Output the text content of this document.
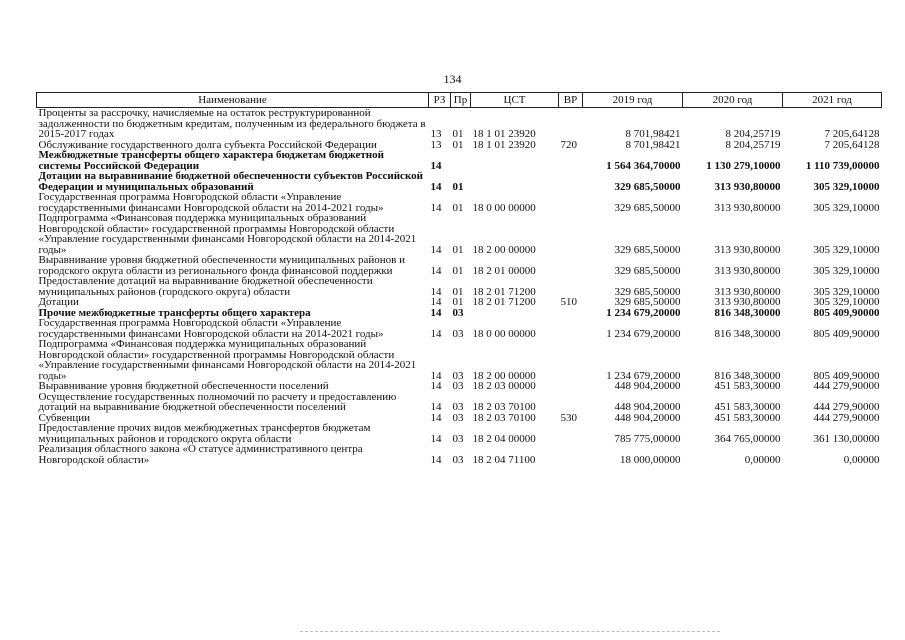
134
Наименование	РЗ	Пр	ЦСТ	ВР	2019 год	2020 год	2021 год
Проценты за рассрочку, начисляемые на остаток реструктурированной задолженности по бюджетным кредитам, полученным из федерального бюджета в 2015-2017 годах	13	01	18 1 01 23920		8 701,98421	8 204,25719	7 205,64128
Обслуживание государственного долга субъекта Российской Федерации	13	01	18 1 01 23920	720	8 701,98421	8 204,25719	7 205,64128
Межбюджетные трансферты общего характера бюджетам бюджетной системы Российской Федерации	14				1 564 364,70000	1 130 279,10000	1 110 739,00000
Дотации на выравнивание бюджетной обеспеченности субъектов Российской Федерации и муниципальных образований	14	01			329 685,50000	313 930,80000	305 329,10000
Государственная программа Новгородской области «Управление государственными финансами Новгородской области на 2014-2021 годы»	14	01	18 0 00 00000		329 685,50000	313 930,80000	305 329,10000
Подпрограмма «Финансовая поддержка муниципальных образований Новгородской области» государственной программы Новгородской области «Управление государственными финансами Новгородской области на 2014-2021 годы»	14	01	18 2 00 00000		329 685,50000	313 930,80000	305 329,10000
Выравнивание уровня бюджетной обеспеченности муниципальных районов и городского округа области из регионального фонда финансовой поддержки	14	01	18 2 01 00000		329 685,50000	313 930,80000	305 329,10000
Предоставление дотаций на выравнивание бюджетной обеспеченности муниципальных районов (городского округа) области	14	01	18 2 01 71200		329 685,50000	313 930,80000	305 329,10000
Дотации	14	01	18 2 01 71200	510	329 685,50000	313 930,80000	305 329,10000
Прочие межбюджетные трансферты общего характера	14	03			1 234 679,20000	816 348,30000	805 409,90000
Государственная программа Новгородской области «Управление государственными финансами Новгородской области на 2014-2021 годы»	14	03	18 0 00 00000		1 234 679,20000	816 348,30000	805 409,90000
Подпрограмма «Финансовая поддержка муниципальных образований Новгородской области» государственной программы Новгородской области «Управление государственными финансами Новгородской области на 2014-2021 годы»	14	03	18 2 00 00000		1 234 679,20000	816 348,30000	805 409,90000
Выравнивание уровня бюджетной обеспеченности поселений	14	03	18 2 03 00000		448 904,20000	451 583,30000	444 279,90000
Осуществление государственных полномочий по расчету и предоставлению дотаций на выравнивание бюджетной обеспеченности поселений	14	03	18 2 03 70100		448 904,20000	451 583,30000	444 279,90000
Субвенции	14	03	18 2 03 70100	530	448 904,20000	451 583,30000	444 279,90000
Предоставление прочих видов межбюджетных трансфертов бюджетам муниципальных районов и городского округа области	14	03	18 2 04 00000		785 775,00000	364 765,00000	361 130,00000
Реализация областного закона «О статусе административного центра Новгородской области»	14	03	18 2 04 71100		18 000,00000	0,00000	0,00000
